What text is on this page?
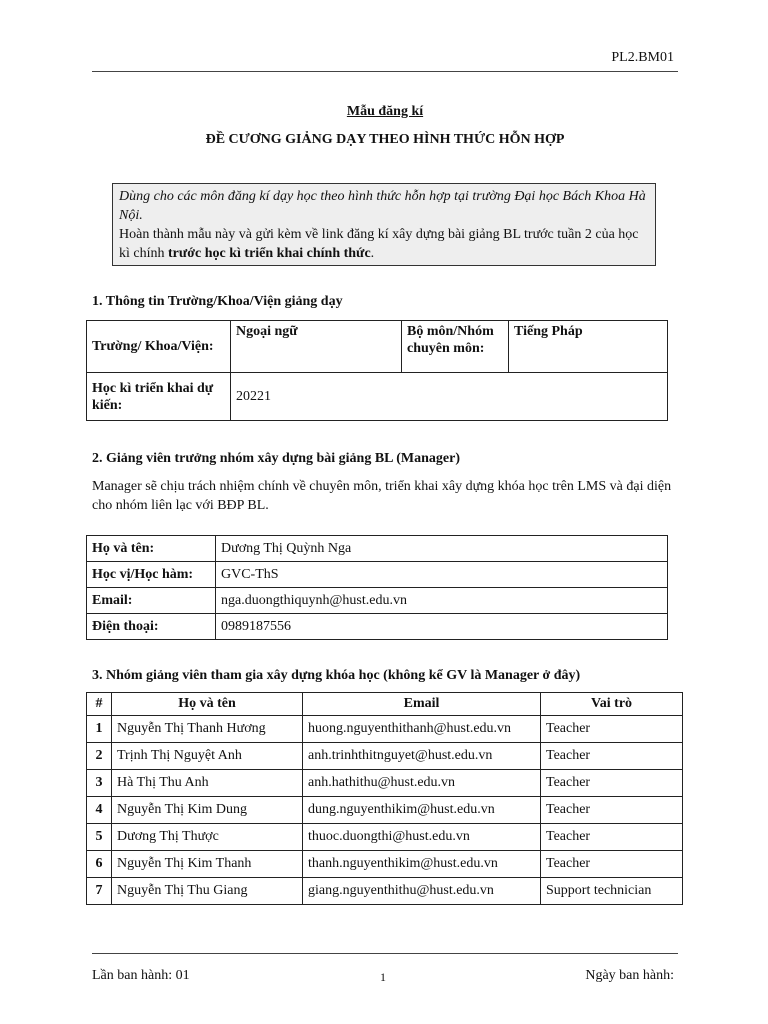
PL2.BM01
Mẫu đăng kí
ĐỀ CƯƠNG GIẢNG DẠY THEO HÌNH THỨC HỖN HỢP
Dùng cho các môn đăng kí dạy học theo hình thức hỗn hợp tại trường Đại học Bách Khoa Hà Nội.
Hoàn thành mẫu này và gửi kèm về link đăng kí xây dựng bài giảng BL trước tuần 2 của học kì chính trước học kì triển khai chính thức.
1. Thông tin Trường/Khoa/Viện giảng dạy
Trường/ Khoa/Viện:	Ngoại ngữ	Bộ môn/Nhóm chuyên môn:	Tiếng Pháp
Học kì triển khai dự kiến:	20221		
2. Giảng viên trưởng nhóm xây dựng bài giảng BL (Manager)
Manager sẽ chịu trách nhiệm chính về chuyên môn, triển khai xây dựng khóa học trên LMS và đại diện cho nhóm liên lạc với BĐP BL.
Họ và tên:	Dương Thị Quỳnh Nga
Học vị/Học hàm:	GVC-ThS
Email:	nga.duongthiquynh@hust.edu.vn
Điện thoại:	0989187556
3. Nhóm giảng viên tham gia xây dựng khóa học (không kể GV là Manager ở đây)
#	Họ và tên	Email	Vai trò
1	Nguyễn Thị Thanh Hương	huong.nguyenthithanh@hust.edu.vn	Teacher
2	Trịnh Thị Nguyệt Anh	anh.trinhthitnguyet@hust.edu.vn	Teacher
3	Hà Thị Thu Anh	anh.hathithu@hust.edu.vn	Teacher
4	Nguyễn Thị Kim Dung	dung.nguyenthikim@hust.edu.vn	Teacher
5	Dương Thị Thược	thuoc.duongthi@hust.edu.vn	Teacher
6	Nguyễn Thị Kim Thanh	thanh.nguyenthikim@hust.edu.vn	Teacher
7	Nguyễn Thị Thu Giang	giang.nguyenthithu@hust.edu.vn	Support technician
Lần ban hành: 01	1	Ngày ban hành:
